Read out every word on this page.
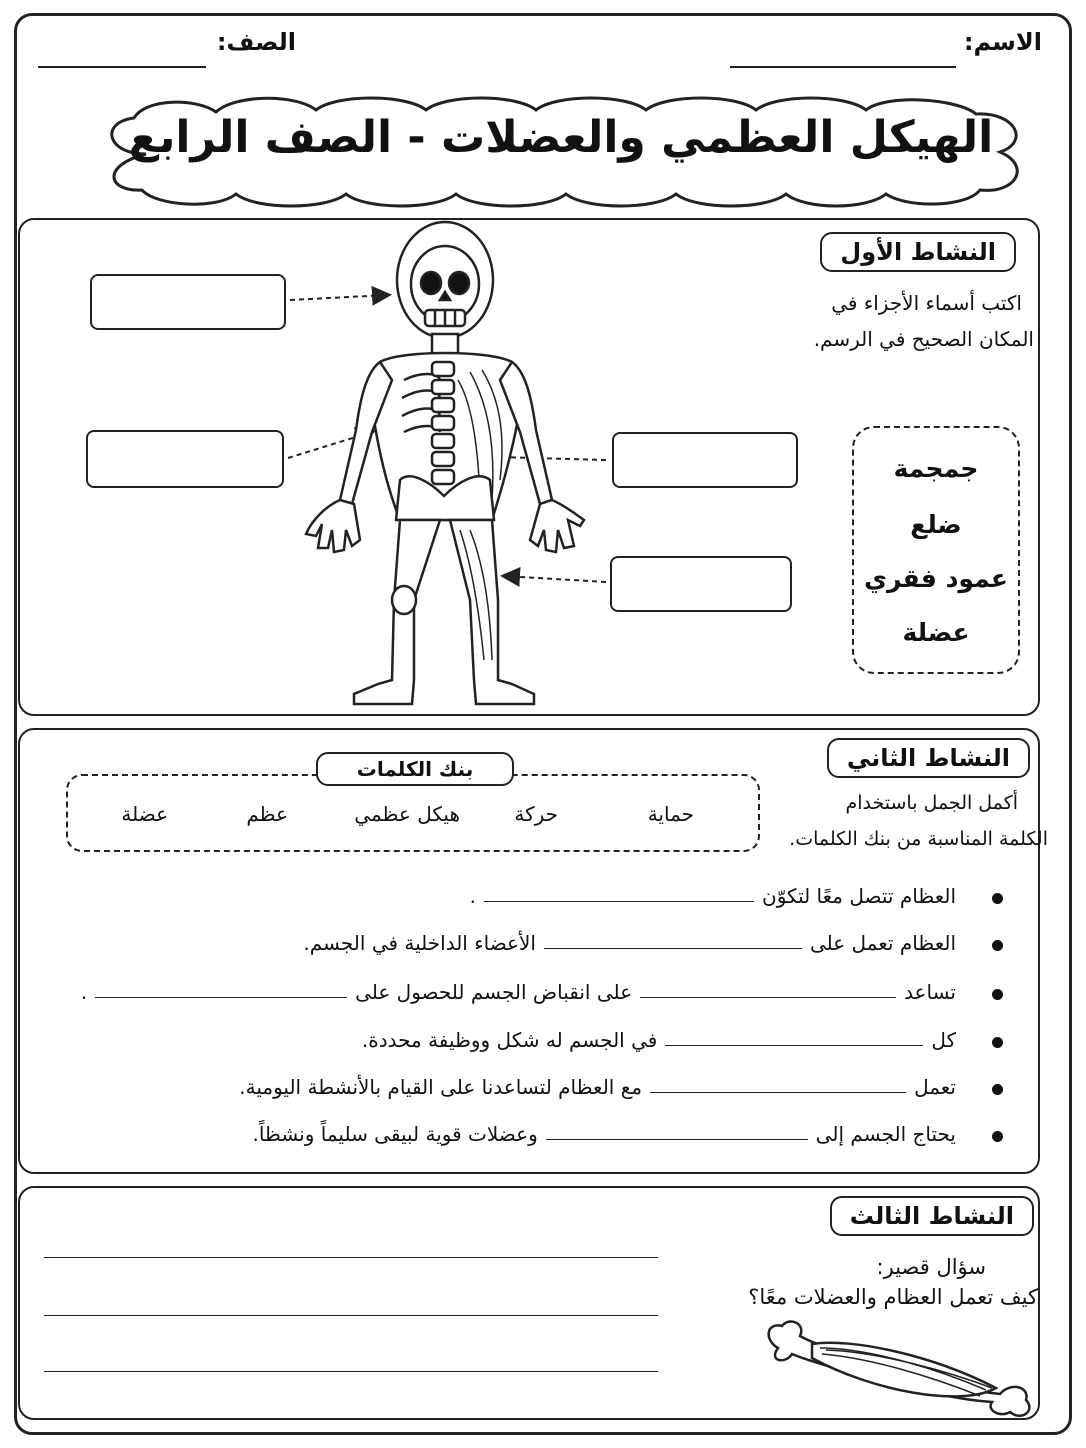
الاسم:
الصف:
الهيكل العظمي والعضلات - الصف الرابع
النشاط الأول
اكتب أسماء الأجزاء في
المكان الصحيح في الرسم.
جمجمة
ضلع
عمود فقري
عضلة
النشاط الثاني
أكمل الجمل باستخدام
الكلمة المناسبة من بنك الكلمات.
حماية
حركة
هيكل عظمي
عظم
عضلة
بنك الكلمات
العظام تتصل معًا لتكوّن
.
العظام تعمل على
الأعضاء الداخلية في الجسم.
تساعد
على انقباض الجسم للحصول على
.
كل
في الجسم له شكل ووظيفة محددة.
تعمل
مع العظام لتساعدنا على القيام بالأنشطة اليومية.
يحتاج الجسم إلى
وعضلات قوية لبيقى سليماً ونشظاً.
النشاط الثالث
سؤال قصير:
كيف تعمل العظام والعضلات معًا؟
